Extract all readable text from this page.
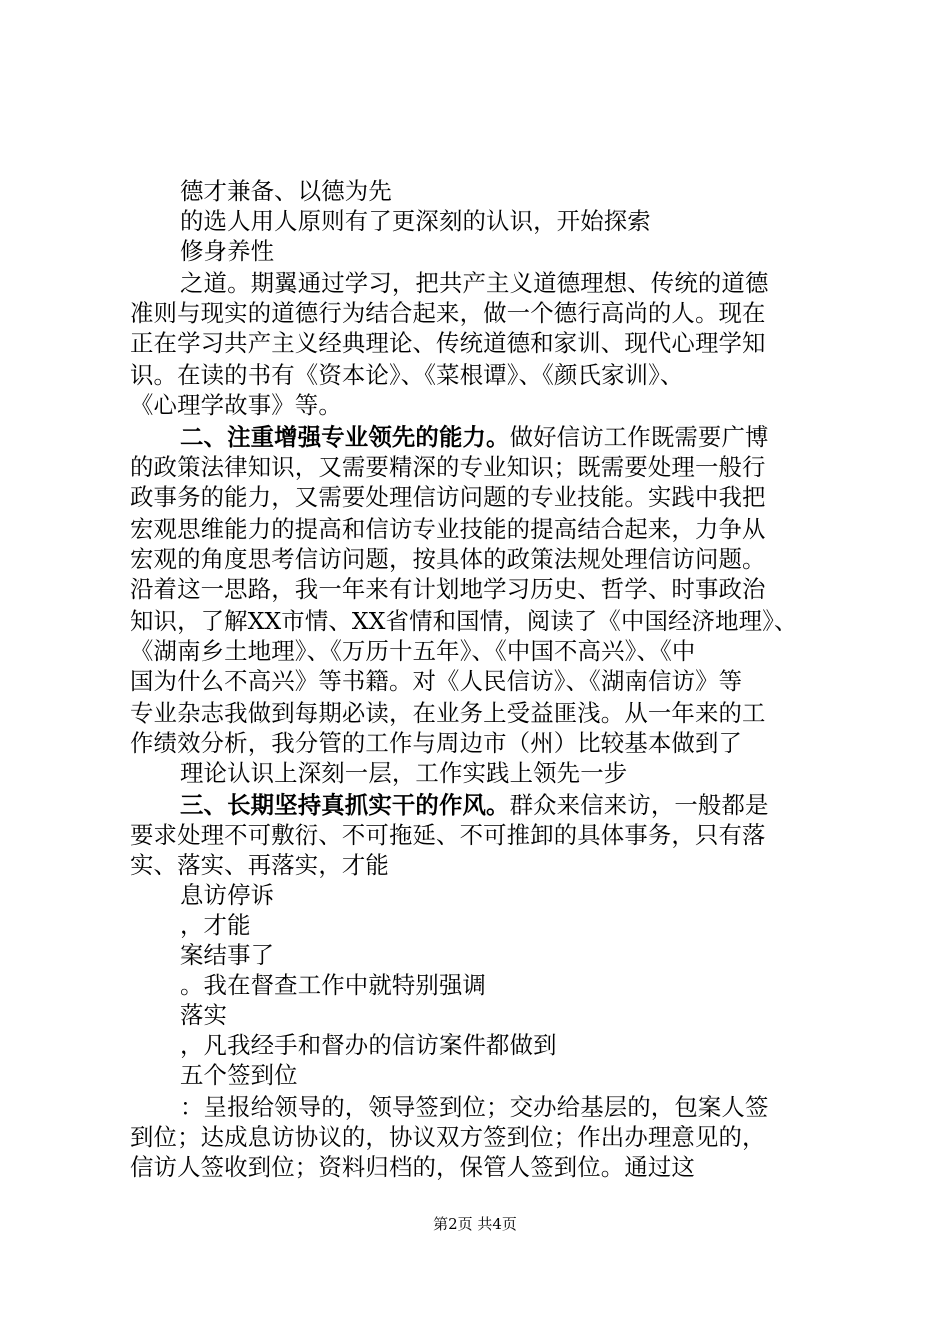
德才兼备、以德为先
的选人用人原则有了更深刻的认识，开始探索
修身养性
之道。期翼通过学习，把共产主义道德理想、传统的道德
准则与现实的道德行为结合起来，做一个德行高尚的人。现在
正在学习共产主义经典理论、传统道德和家训、现代心理学知
识。在读的书有《资本论》、《菜根谭》、《颜氏家训》、
《心理学故事》等。
二、注重增强专业领先的能力。做好信访工作既需要广博
的政策法律知识，又需要精深的专业知识；既需要处理一般行
政事务的能力，又需要处理信访问题的专业技能。实践中我把
宏观思维能力的提高和信访专业技能的提高结合起来，力争从
宏观的角度思考信访问题，按具体的政策法规处理信访问题。
沿着这一思路，我一年来有计划地学习历史、哲学、时事政治
知识，了解XX市情、XX省情和国情，阅读了《中国经济地理》、
《湖南乡土地理》、《万历十五年》、《中国不高兴》、《中
国为什么不高兴》等书籍。对《人民信访》、《湖南信访》等
专业杂志我做到每期必读，在业务上受益匪浅。从一年来的工
作绩效分析，我分管的工作与周边市（州）比较基本做到了
理论认识上深刻一层，工作实践上领先一步
三、长期坚持真抓实干的作风。群众来信来访，一般都是
要求处理不可敷衍、不可拖延、不可推卸的具体事务，只有落
实、落实、再落实，才能
息访停诉
，才能
案结事了
。我在督查工作中就特别强调
落实
，凡我经手和督办的信访案件都做到
五个签到位
：呈报给领导的，领导签到位；交办给基层的，包案人签
到位；达成息访协议的，协议双方签到位；作出办理意见的，
信访人签收到位；资料归档的，保管人签到位。通过这
第2页 共4页
